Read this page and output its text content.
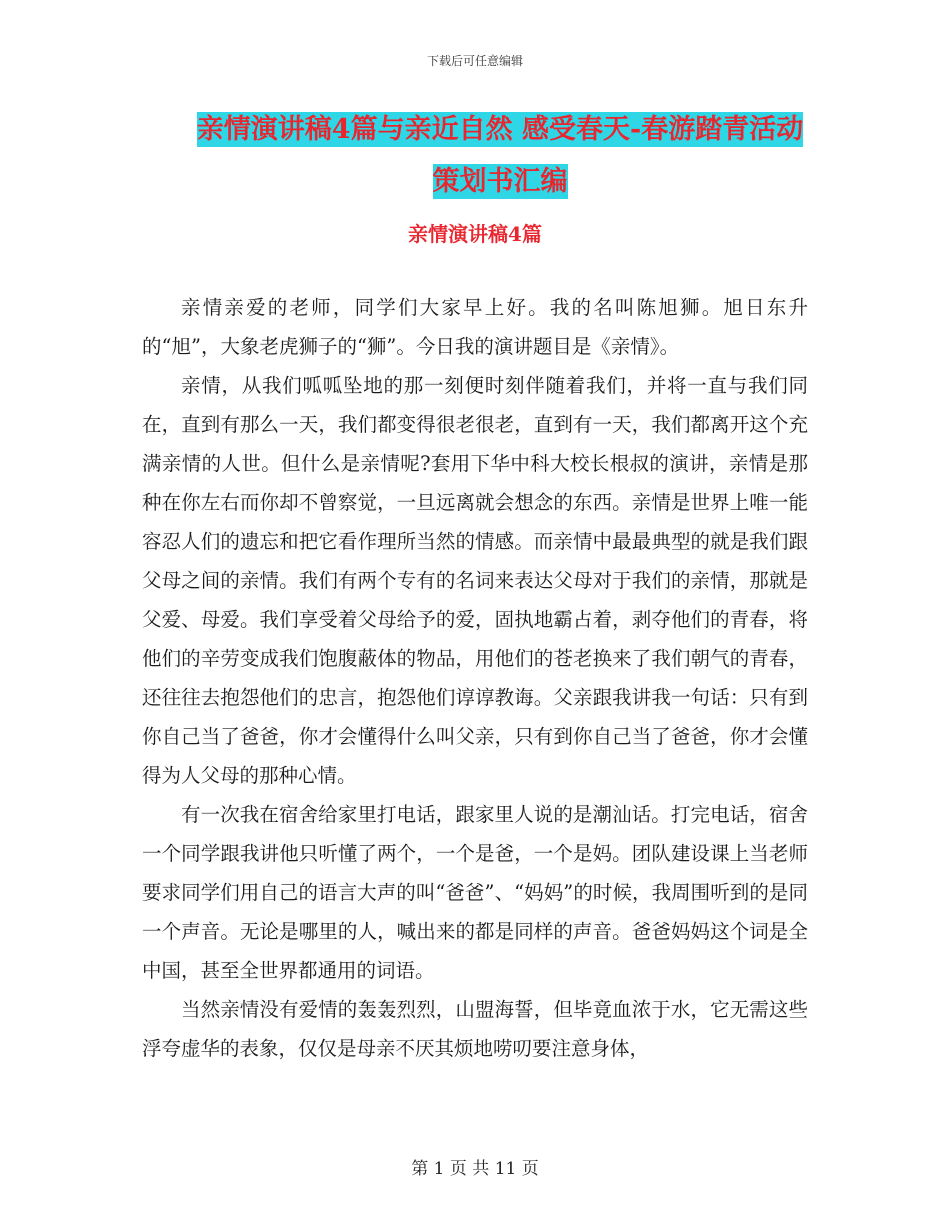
下载后可任意编辑
亲情演讲稿4篇与亲近自然 感受春天-春游踏青活动
策划书汇编
亲情演讲稿4篇

亲情亲爱的老师，同学们大家早上好。我的名叫陈旭狮。旭日东升的“旭”，大象老虎狮子的“狮”。今日我的演讲题目是《亲情》。

亲情，从我们呱呱坠地的那一刻便时刻伴随着我们，并将一直与我们同在，直到有那么一天，我们都变得很老很老，直到有一天，我们都离开这个充满亲情的人世。但什么是亲情呢?套用下华中科大校长根叔的演讲，亲情是那种在你左右而你却不曾察觉，一旦远离就会想念的东西。亲情是世界上唯一能容忍人们的遗忘和把它看作理所当然的情感。而亲情中最最典型的就是我们跟父母之间的亲情。我们有两个专有的名词来表达父母对于我们的亲情，那就是父爱、母爱。我们享受着父母给予的爱，固执地霸占着，剥夺他们的青春，将他们的辛劳变成我们饱腹蔽体的物品，用他们的苍老换来了我们朝气的青春，还往往去抱怨他们的忠言，抱怨他们谆谆教诲。父亲跟我讲我一句话：只有到你自己当了爸爸，你才会懂得什么叫父亲，只有到你自己当了爸爸，你才会懂得为人父母的那种心情。

有一次我在宿舍给家里打电话，跟家里人说的是潮汕话。打完电话，宿舍一个同学跟我讲他只听懂了两个，一个是爸，一个是妈。团队建设课上当老师要求同学们用自己的语言大声的叫“爸爸”、“妈妈”的时候，我周围听到的是同一个声音。无论是哪里的人，喊出来的都是同样的声音。爸爸妈妈这个词是全中国，甚至全世界都通用的词语。

当然亲情没有爱情的轰轰烈烈，山盟海誓，但毕竟血浓于水，它无需这些浮夸虚华的表象，仅仅是母亲不厌其烦地唠叨要注意身体，

第 1 页 共 11 页
